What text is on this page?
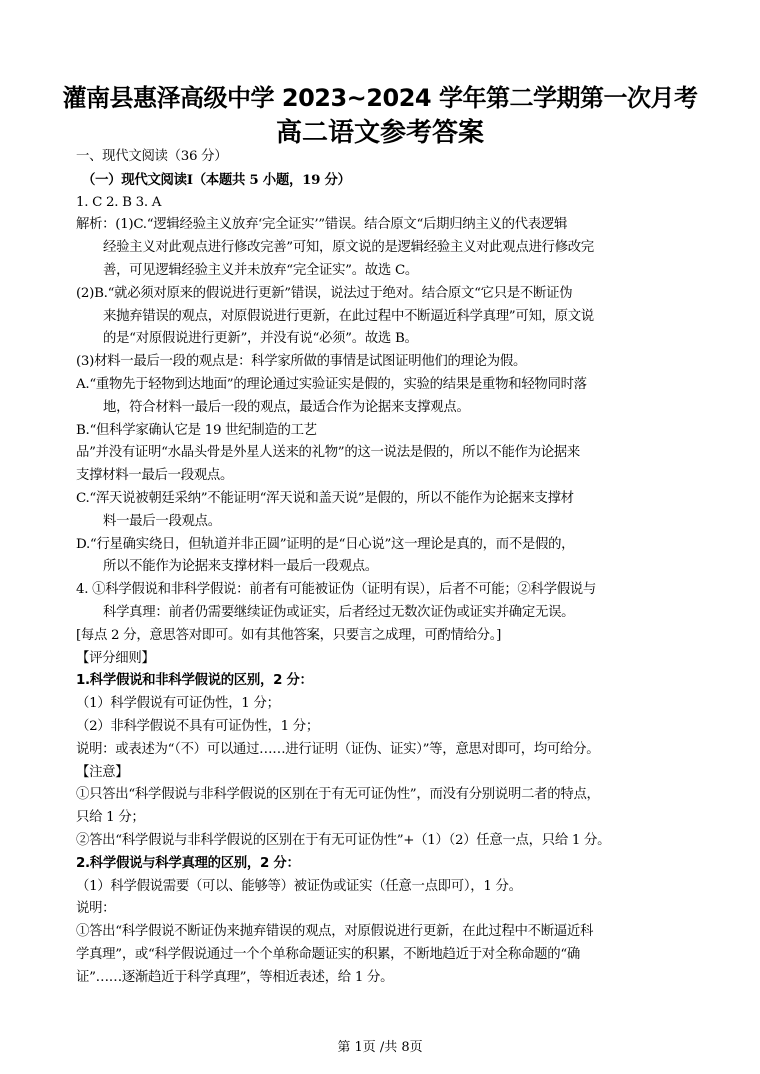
灌南县惠泽高级中学 2023~2024 学年第二学期第一次月考
高二语文参考答案
一、现代文阅读（36 分）
（一）现代文阅读Ⅰ（本题共 5 小题，19 分）
1. C 2. B 3. A
解析：(1)C.“逻辑经验主义放弃‘完全证实’”错误。结合原文“后期归纳主义的代表逻辑
经验主义对此观点进行修改完善”可知，原文说的是逻辑经验主义对此观点进行修改完
善，可见逻辑经验主义并未放弃“完全证实”。故选 C。
(2)B.“就必须对原来的假说进行更新”错误，说法过于绝对。结合原文“它只是不断证伪
来抛弃错误的观点，对原假说进行更新，在此过程中不断逼近科学真理”可知，原文说
的是“对原假说进行更新”，并没有说“必须”。故选 B。
(3)材料一最后一段的观点是：科学家所做的事情是试图证明他们的理论为假。
A.“重物先于轻物到达地面”的理论通过实验证实是假的，实验的结果是重物和轻物同时落
地，符合材料一最后一段的观点，最适合作为论据来支撑观点。
B.“但科学家确认它是 19 世纪制造的工艺
品”并没有证明“水晶头骨是外星人送来的礼物”的这一说法是假的，所以不能作为论据来
支撑材料一最后一段观点。
C.“浑天说被朝廷采纳”不能证明“浑天说和盖天说”是假的，所以不能作为论据来支撑材
料一最后一段观点。
D.“行星确实绕日，但轨道并非正圆”证明的是“日心说”这一理论是真的，而不是假的，
所以不能作为论据来支撑材料一最后一段观点。
4. ①科学假说和非科学假说：前者有可能被证伪（证明有误），后者不可能；②科学假说与
科学真理：前者仍需要继续证伪或证实，后者经过无数次证伪或证实并确定无误。
[每点 2 分，意思答对即可。如有其他答案，只要言之成理，可酌情给分。]
【评分细则】
1.科学假说和非科学假说的区别，2 分：
（1）科学假说有可证伪性，1 分；
（2）非科学假说不具有可证伪性，1 分；
说明：或表述为“（不）可以通过……进行证明（证伪、证实）”等，意思对即可，均可给分。
【注意】
①只答出“科学假说与非科学假说的区别在于有无可证伪性”，而没有分别说明二者的特点，
只给 1 分；
②答出“科学假说与非科学假说的区别在于有无可证伪性”+（1）（2）任意一点，只给 1 分。
2.科学假说与科学真理的区别，2 分：
（1）科学假说需要（可以、能够等）被证伪或证实（任意一点即可），1 分。
说明：
①答出“科学假说不断证伪来抛弃错误的观点，对原假说进行更新，在此过程中不断逼近科
学真理”，或“科学假说通过一个个单称命题证实的积累，不断地趋近于对全称命题的“确
证”……逐渐趋近于科学真理”，等相近表述，给 1 分。
第 1页 /共 8页
